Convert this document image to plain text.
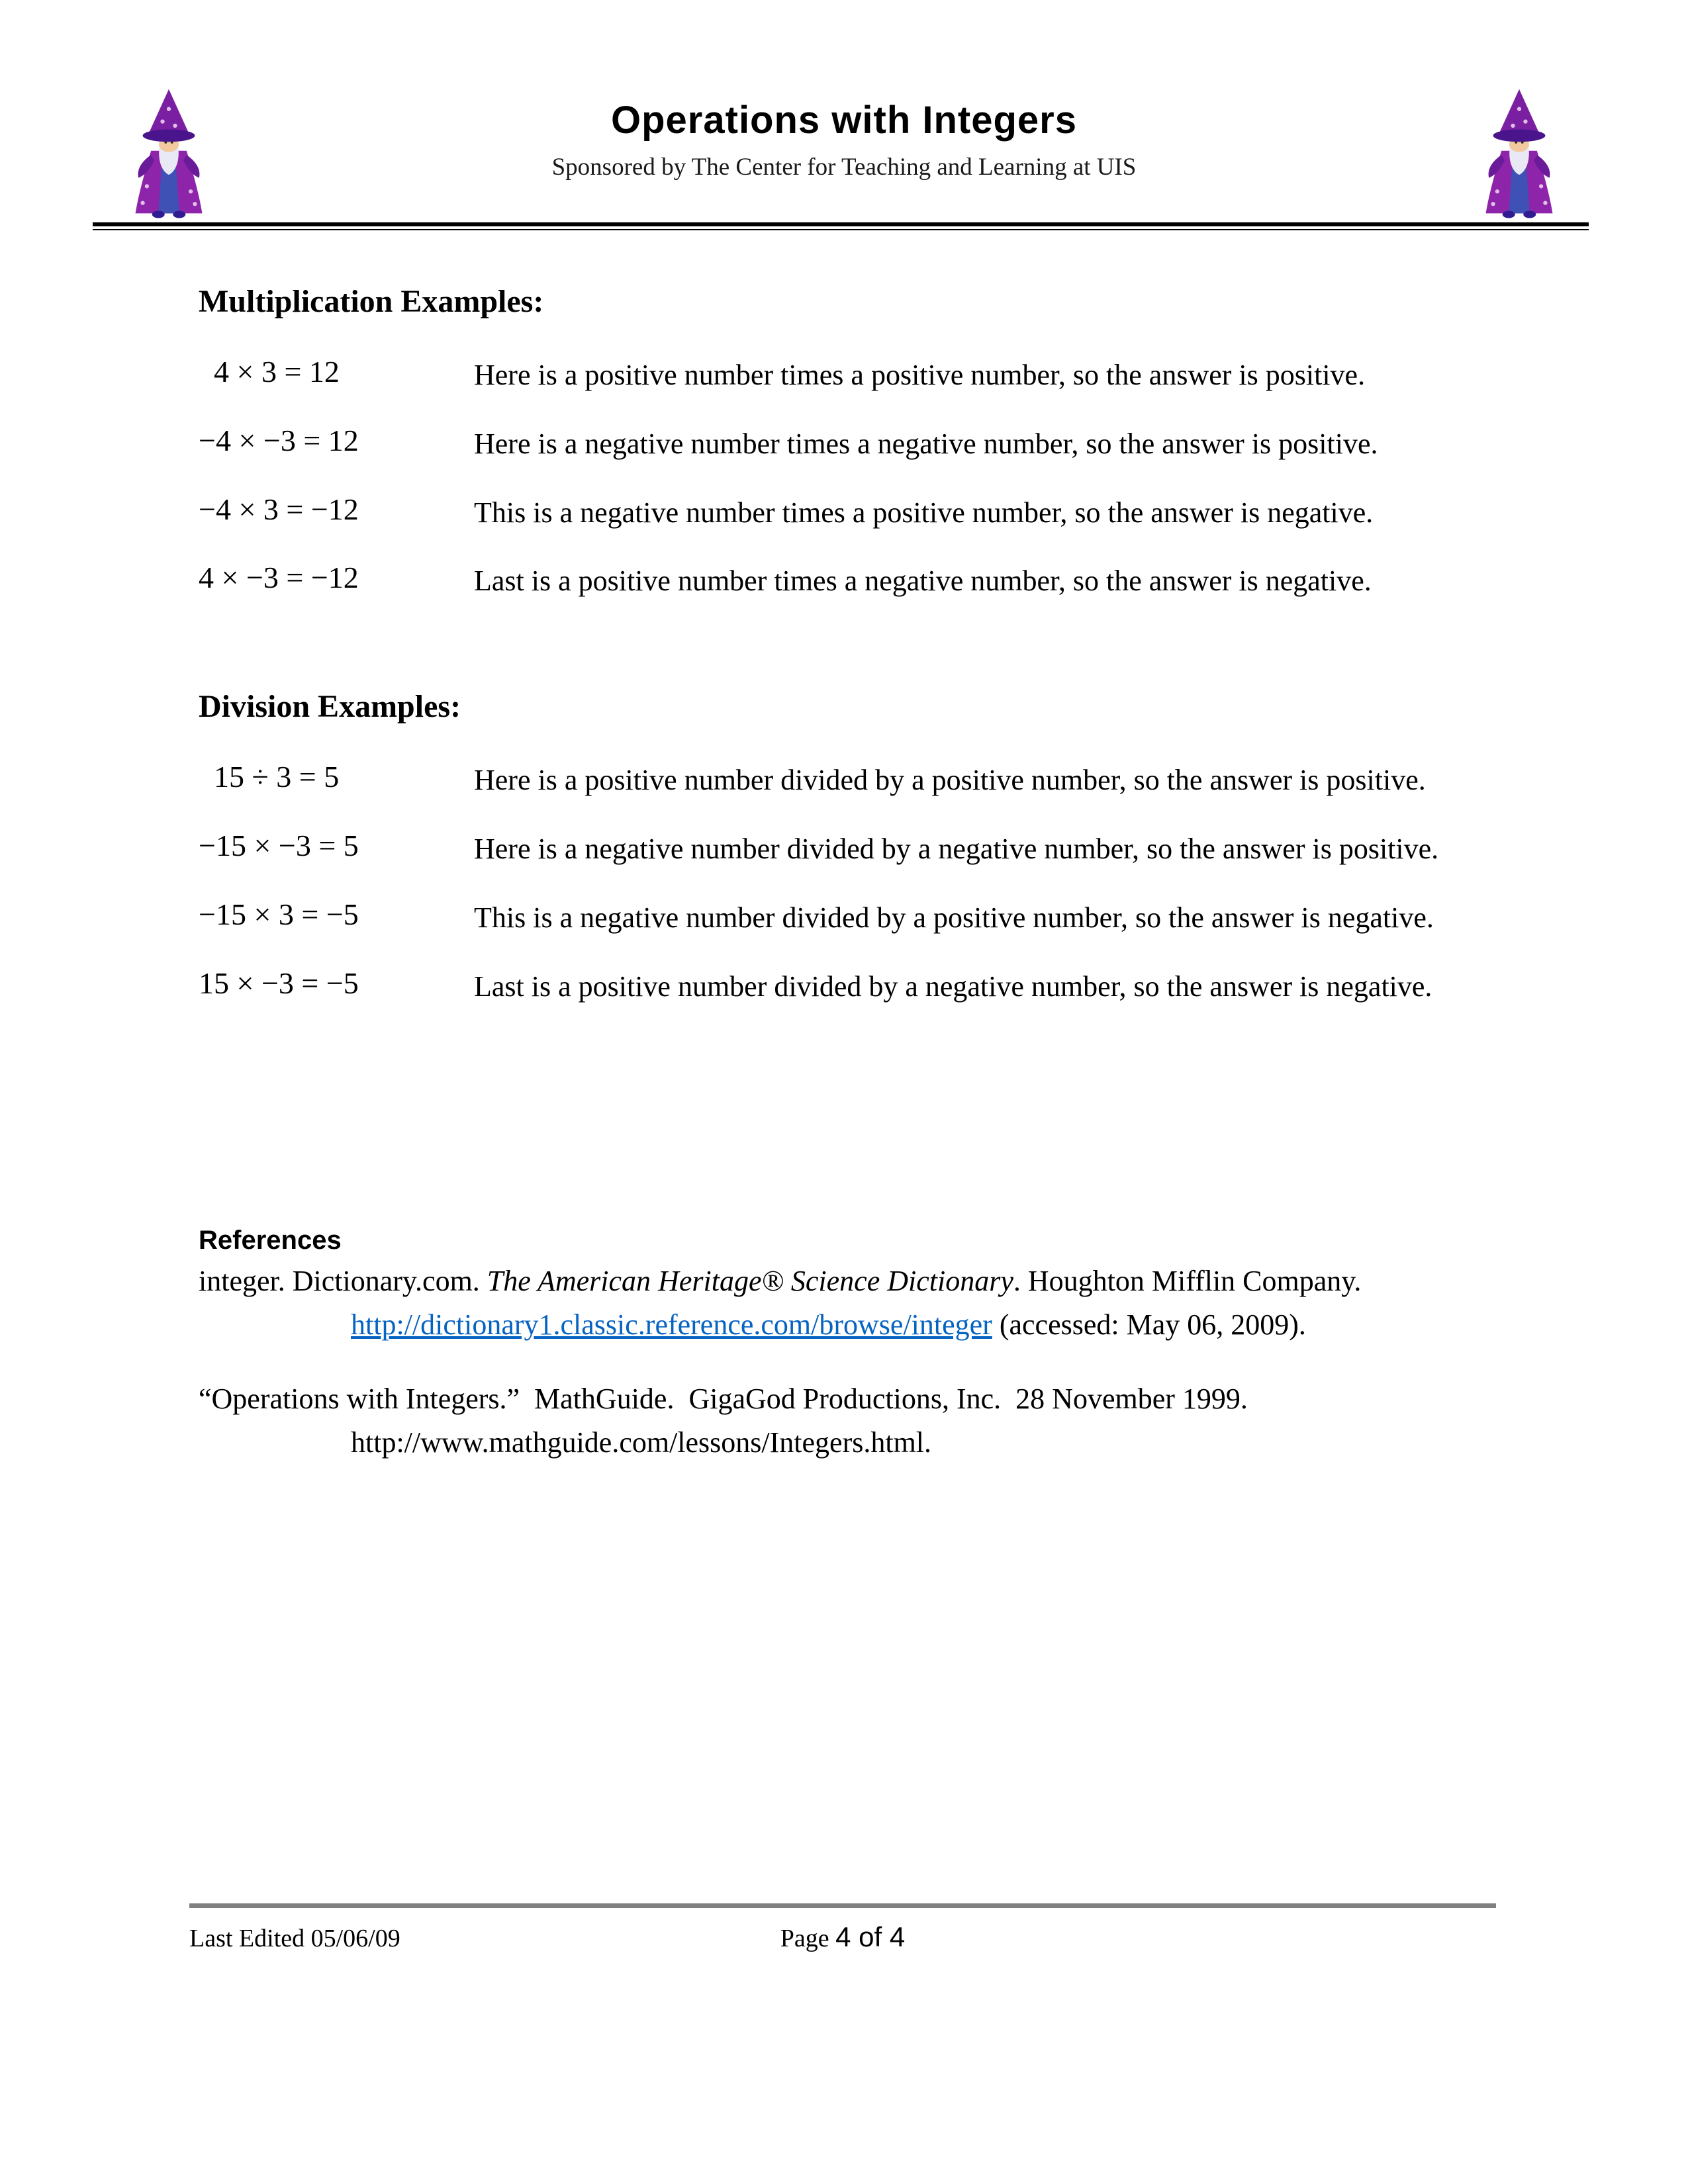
Operations with Integers
Sponsored by The Center for Teaching and Learning at UIS
Multiplication Examples:
4 × 3 = 12	Here is a positive number times a positive number, so the answer is positive.
−4 × −3 = 12	Here is a negative number times a negative number, so the answer is positive.
−4 × 3 = −12	This is a negative number times a positive number, so the answer is negative.
4 × −3 = −12	Last is a positive number times a negative number, so the answer is negative.
Division Examples:
15 ÷ 3 = 5	Here is a positive number divided by a positive number, so the answer is positive.
−15 × −3 = 5	Here is a negative number divided by a negative number, so the answer is positive.
−15 × 3 = −5	This is a negative number divided by a positive number, so the answer is negative.
15 × −3 = −5	Last is a positive number divided by a negative number, so the answer is negative.
References

integer. Dictionary.com. The American Heritage® Science Dictionary. Houghton Mifflin Company. http://dictionary1.classic.reference.com/browse/integer (accessed: May 06, 2009).

“Operations with Integers.”  MathGuide.  GigaGod Productions, Inc.  28 November 1999. http://www.mathguide.com/lessons/Integers.html.

Last Edited 05/06/09	Page 4 of 4
